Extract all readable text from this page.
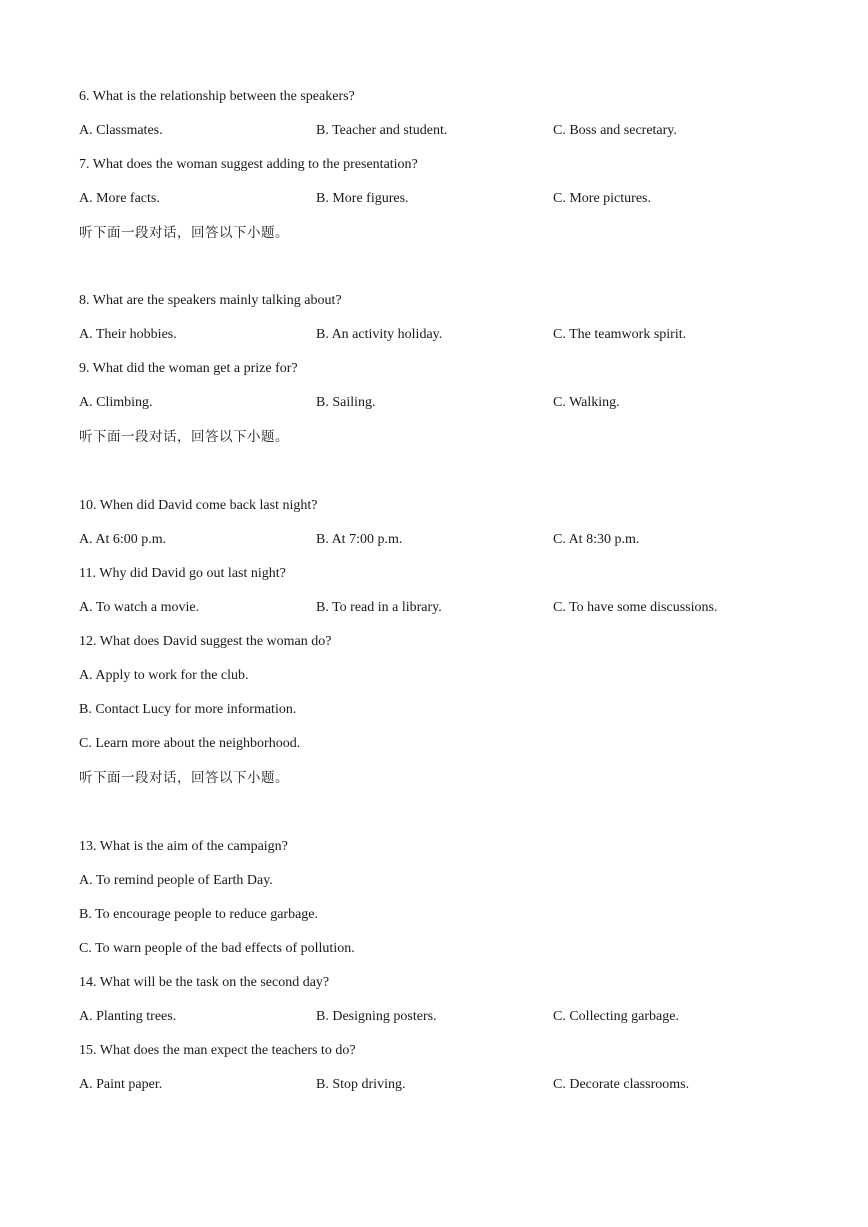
6. What is the relationship between the speakers?
A. Classmates.	B. Teacher and student.	C. Boss and secretary.
7. What does the woman suggest adding to the presentation?
A. More facts.	B. More figures.	C. More pictures.
听下面一段对话，回答以下小题。
8. What are the speakers mainly talking about?
A. Their hobbies.	B. An activity holiday.	C. The teamwork spirit.
9. What did the woman get a prize for?
A. Climbing.	B. Sailing.	C. Walking.
听下面一段对话，回答以下小题。
10. When did David come back last night?
A. At 6:00 p.m.	B. At 7:00 p.m.	C. At 8:30 p.m.
11. Why did David go out last night?
A. To watch a movie.	B. To read in a library.	C. To have some discussions.
12. What does David suggest the woman do?
A. Apply to work for the club.
B. Contact Lucy for more information.
C. Learn more about the neighborhood.
听下面一段对话，回答以下小题。
13. What is the aim of the campaign?
A. To remind people of Earth Day.
B. To encourage people to reduce garbage.
C. To warn people of the bad effects of pollution.
14. What will be the task on the second day?
A. Planting trees.	B. Designing posters.	C. Collecting garbage.
15. What does the man expect the teachers to do?
A. Paint paper.	B. Stop driving.	C. Decorate classrooms.
